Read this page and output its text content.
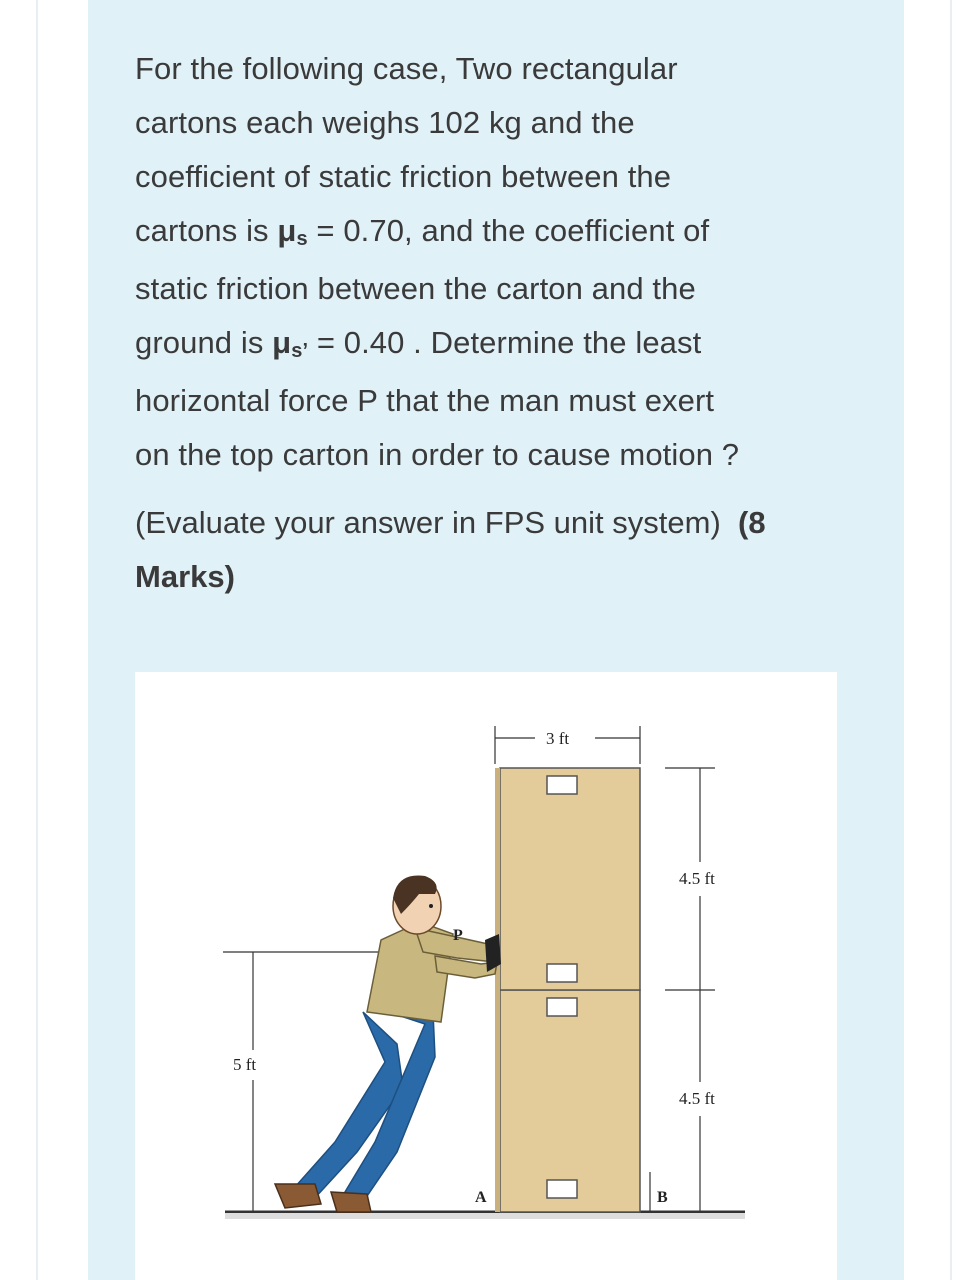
For the following case, Two rectangular

cartons each weighs 102 kg and the

coefficient of static friction between the

cartons is μs = 0.70, and the coefficient of

static friction between the carton and the

ground is μs’ = 0.40 . Determine the least

horizontal force P that the man must exert

on the top carton in order to cause motion ?

(Evaluate your answer in FPS unit system) (8
Marks)
3 ft
4.5 ft
4.5 ft
A	B
5 ft
P
